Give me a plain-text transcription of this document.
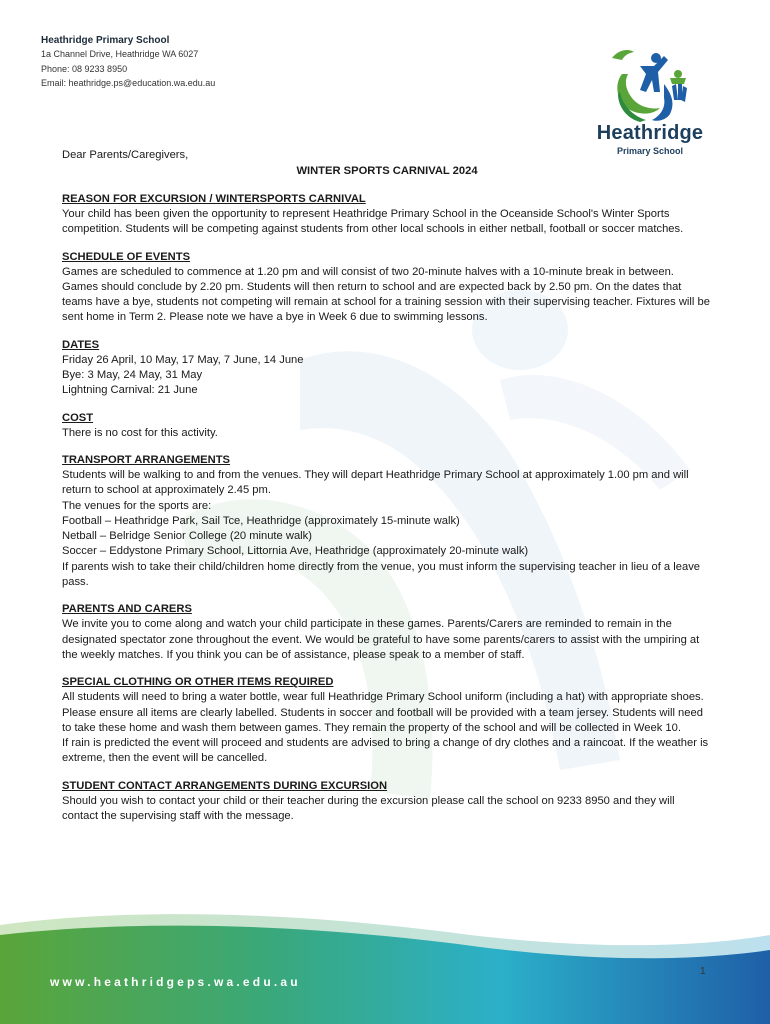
Heathridge Primary School
1a Channel Drive, Heathridge WA 6027
Phone: 08 9233 8950
Email: heathridge.ps@education.wa.edu.au
Heathridge
Primary School

Dear Parents/Caregivers,

WINTER SPORTS CARNIVAL 2024

REASON FOR EXCURSION / WINTERSPORTS CARNIVAL

Your child has been given the opportunity to represent Heathridge Primary School in the Oceanside School's Winter Sports competition. Students will be competing against students from other local schools in either netball, football or soccer matches.

SCHEDULE OF EVENTS

Games are scheduled to commence at 1.20 pm and will consist of two 20-minute halves with a 10-minute break in between. Games should conclude by 2.20 pm. Students will then return to school and are expected back by 2.50 pm. On the dates that teams have a bye, students not competing will remain at school for a training session with their supervising teacher. Fixtures will be sent home in Term 2. Please note we have a bye in Week 6 due to swimming lessons.

DATES

Friday 26 April, 10 May, 17 May, 7 June, 14 June

Bye: 3 May, 24 May, 31 May

Lightning Carnival: 21 June

COST

There is no cost for this activity.

TRANSPORT ARRANGEMENTS

Students will be walking to and from the venues. They will depart Heathridge Primary School at approximately 1.00 pm and will return to school at approximately 2.45 pm.

The venues for the sports are:

Football – Heathridge Park, Sail Tce, Heathridge (approximately 15-minute walk)

Netball – Belridge Senior College (20 minute walk)

Soccer – Eddystone Primary School, Littornia Ave, Heathridge (approximately 20-minute walk)

If parents wish to take their child/children home directly from the venue, you must inform the supervising teacher in lieu of a leave pass.

PARENTS AND CARERS

We invite you to come along and watch your child participate in these games. Parents/Carers are reminded to remain in the designated spectator zone throughout the event. We would be grateful to have some parents/carers to assist with the umpiring at the weekly matches. If you think you can be of assistance, please speak to a member of staff.

SPECIAL CLOTHING OR OTHER ITEMS REQUIRED

All students will need to bring a water bottle, wear full Heathridge Primary School uniform (including a hat) with appropriate shoes. Please ensure all items are clearly labelled. Students in soccer and football will be provided with a team jersey. Students will need to take these home and wash them between games. They remain the property of the school and will be collected in Week 10.

If rain is predicted the event will proceed and students are advised to bring a change of dry clothes and a raincoat. If the weather is extreme, then the event will be cancelled.

STUDENT CONTACT ARRANGEMENTS DURING EXCURSION

Should you wish to contact your child or their teacher during the excursion please call the school on 9233 8950 and they will contact the supervising staff with the message.

www.heathridgeps.wa.edu.au
1
